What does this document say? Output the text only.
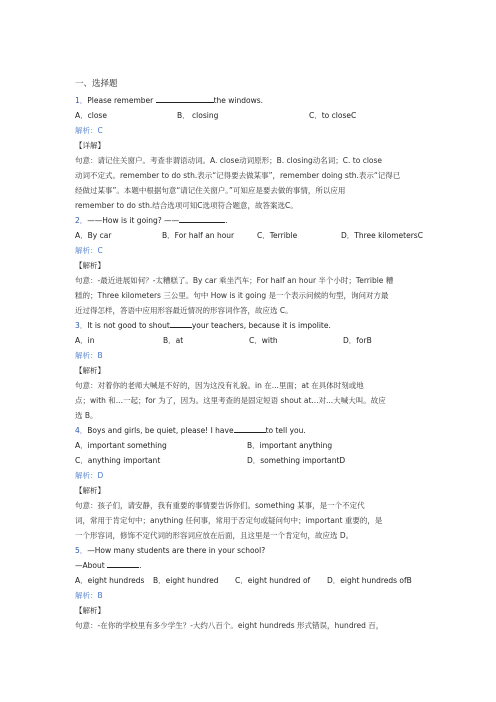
一、选择题
1．Please remember	the windows.
A．close	B． closing	C．to closeC
解析：C
【详解】
句意：请记住关窗户。考查非谓语动词。A. close动词原形；B. closing动名词；C. to close
动词不定式。remember to do sth.表示“记得要去做某事”，remember doing sth.表示“记得已
经做过某事”。本题中根据句意“请记住关窗户。”可知应是要去做的事情，所以应用
remember to do sth.结合选项可知C选项符合题意，故答案选C。
2．——How is it going? ——	.
A．By car	B．For half an hour	C．Terrible	D．Three kilometersC
解析：C
【解析】
句意：-最近进展如何？-太糟糕了。By car 乘坐汽车；For half an hour 半个小时；Terrible 糟
糕的；Three kilometers 三公里。句中 How is it going 是一个表示问候的句型，询问对方最
近过得怎样，答语中应用形容最近情况的形容词作答，故应选 C。
3．It is not good to shout	your teachers, because it is impolite.
A．in	B．at	C．with	D．forB
解析：B
【解析】
句意：对着你的老师大喊是不好的，因为这没有礼貌。in 在...里面；at 在具体时刻或地
点；with 和...一起；for 为了，因为。这里考查的是固定短语 shout at...对...大喊大叫。故应
选 B。
4．Boys and girls, be quiet, please! I have	to tell you.
A．important something	B．important anything
C．anything important	D．something importantD
解析：D
【解析】
句意：孩子们，请安静，我有重要的事情要告诉你们。something 某事，是一个不定代
词，常用于肯定句中；anything 任何事，常用于否定句或疑问句中；important 重要的，是
一个形容词，修饰不定代词的形容词应放在后面，且这里是一个肯定句，故应选 D。
5．—How many students are there in your school?
—About	.
A．eight hundreds	B．eight hundred	C．eight hundred of	D．eight hundreds ofB
解析：B
【解析】
句意：-在你的学校里有多少学生？-大约八百个。eight hundreds 形式错误，hundred 百，
